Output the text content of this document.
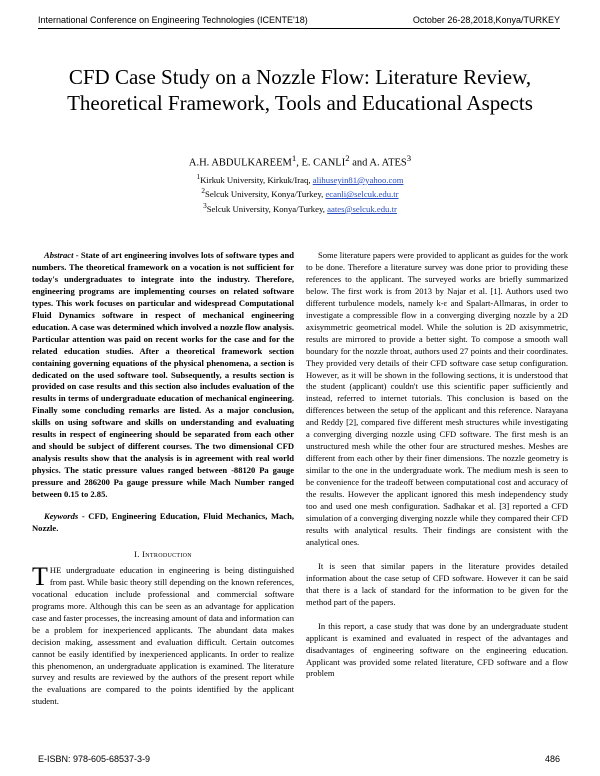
International Conference on Engineering Technologies (ICENTE'18)	October 26-28,2018,Konya/TURKEY
CFD Case Study on a Nozzle Flow: Literature Review, Theoretical Framework, Tools and Educational Aspects
A.H. ABDULKAREEM$^1$, E. CANLI$^2$ and A. ATES$^3$
$^1$Kirkuk University, Kirkuk/Iraq, alihuseyin81@yahoo.com
$^2$Selcuk University, Konya/Turkey, ecanli@selcuk.edu.tr
$^3$Selcuk University, Konya/Turkey, aates@selcuk.edu.tr

Abstract - State of art engineering involves lots of software types and numbers. The theoretical framework on a vocation is not sufficient for today's undergraduates to integrate into the industry. Therefore, engineering programs are implementing courses on related software types. This work focuses on particular and widespread Computational Fluid Dynamics software in respect of mechanical engineering education. A case was determined which involved a nozzle flow analysis. Particular attention was paid on recent works for the case and for the related education studies. After a theoretical framework section containing governing equations of the physical phenomena, a section is dedicated on the used software tool. Subsequently, a results section is provided on case results and this section also includes evaluation of the results in terms of undergraduate education of mechanical engineering. Finally some concluding remarks are listed. As a major conclusion, skills on using software and skills on understanding and evaluating results in respect of engineering should be separated from each other and should be subject of different courses. The two dimensional CFD analysis results show that the analysis is in agreement with real world physics. The static pressure values ranged between -88120 Pa gauge pressure and 286200 Pa gauge pressure while Mach Number ranged between 0.15 to 2.85.

Keywords - CFD, Engineering Education, Fluid Mechanics, Mach, Nozzle.

I. Introduction

THE undergraduate education in engineering is being distinguished from past. While basic theory still depending on the known references, vocational education include professional and commercial software programs more. Although this can be seen as an advantage for application case and faster processes, the increasing amount of data and information can be a problem for inexperienced applicants. The abundant data makes decision making, assessment and evaluation difficult. Certain outcomes cannot be easily identified by inexperienced applicants. In order to realize this phenomenon, an undergraduate application is examined. The literature survey and results are reviewed by the authors of the present report while the evaluations are compared to the points identified by the applicant student.

Some literature papers were provided to applicant as guides for the work to be done. Therefore a literature survey was done prior to providing these references to the applicant. The surveyed works are briefly summarized below. The first work is from 2013 by Najar et al. [1]. Authors used two different turbulence models, namely k-ε and Spalart-Allmaras, in order to investigate a compressible flow in a converging diverging nozzle by a 2D axisymmetric geometrical model. While the solution is 2D axisymmetric, results are mirrored to provide a better sight. To compose a smooth wall boundary for the nozzle throat, authors used 27 points and their coordinates. They provided very details of their CFD software case setup configuration. However, as it will be shown in the following sections, it is understood that the student (applicant) couldn't use this scientific paper sufficiently and instead, referred to internet tutorials. This conclusion is based on the differences between the setup of the applicant and this reference. Narayana and Reddy [2], compared five different mesh structures while investigating a converging diverging nozzle using CFD software. The first mesh is an unstructured mesh while the other four are structured meshes. Meshes are different from each other by their finer dimensions. The nozzle geometry is similar to the one in the undergraduate work. The medium mesh is seen to be convenience for the tradeoff between computational cost and accuracy of the results. However the applicant ignored this mesh independency study too and used one mesh configuration. Sadhakar et al. [3] reported a CFD simulation of a converging diverging nozzle while they compared their CFD results with analytical results. Their findings are consistent with the analytical ones.

It is seen that similar papers in the literature provides detailed information about the case setup of CFD software. However it can be said that there is a lack of standard for the information to be given for the method part of the papers.

In this report, a case study that was done by an undergraduate student applicant is examined and evaluated in respect of the advantages and disadvantages of engineering software on the engineering education. Applicant was provided some related literature, CFD software and a flow problem

E-ISBN: 978-605-68537-3-9	486
